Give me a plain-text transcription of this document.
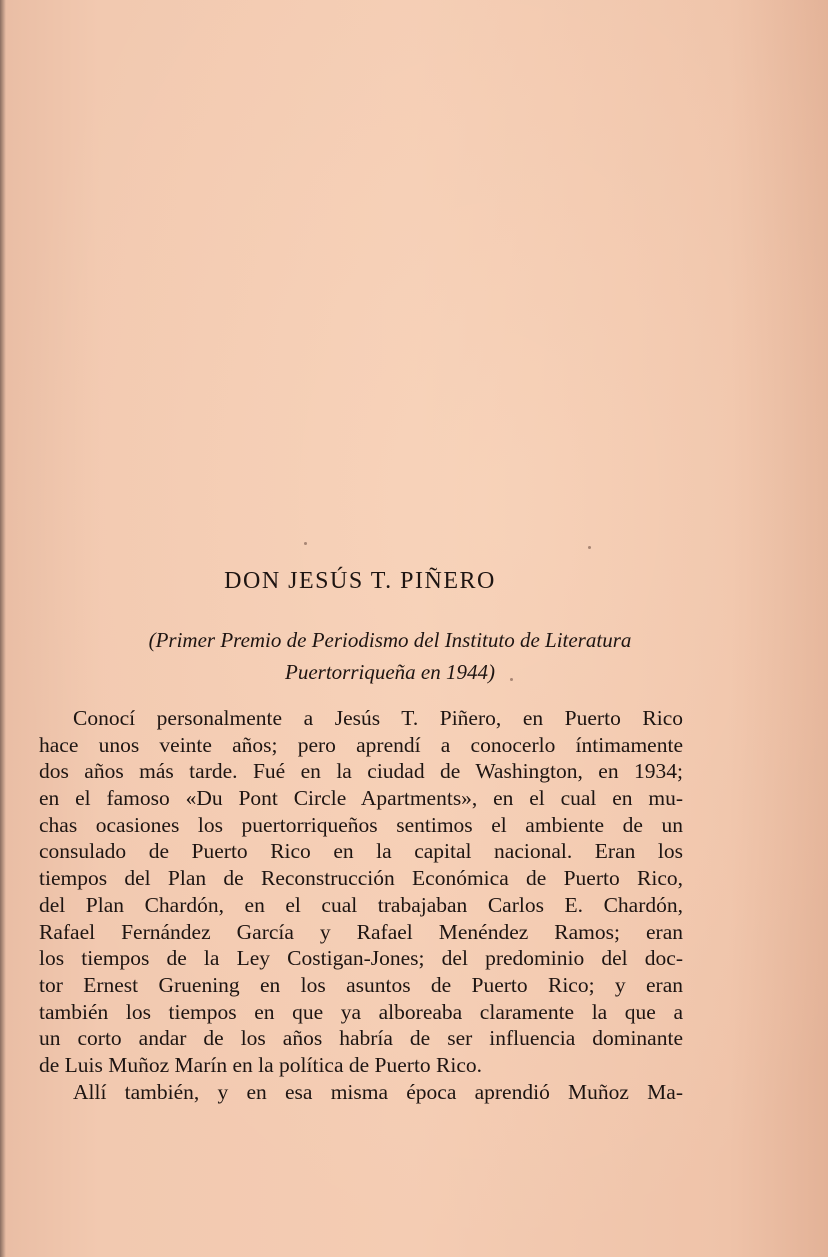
DON JESÚS T. PIÑERO
(Primer Premio de Periodismo del Instituto de Literatura
Puertorriqueña en 1944)
Conocí personalmente a Jesús T. Piñero, en Puerto Rico
hace unos veinte años; pero aprendí a conocerlo íntimamente
dos años más tarde. Fué en la ciudad de Washington, en 1934;
en el famoso «Du Pont Circle Apartments», en el cual en mu-
chas ocasiones los puertorriqueños sentimos el ambiente de un
consulado de Puerto Rico en la capital nacional. Eran los
tiempos del Plan de Reconstrucción Económica de Puerto Rico,
del Plan Chardón, en el cual trabajaban Carlos E. Chardón,
Rafael Fernández García y Rafael Menéndez Ramos; eran
los tiempos de la Ley Costigan-Jones; del predominio del doc-
tor Ernest Gruening en los asuntos de Puerto Rico; y eran
también los tiempos en que ya alboreaba claramente la que a
un corto andar de los años habría de ser influencia dominante
de Luis Muñoz Marín en la política de Puerto Rico.
Allí también, y en esa misma época aprendió Muñoz Ma-
